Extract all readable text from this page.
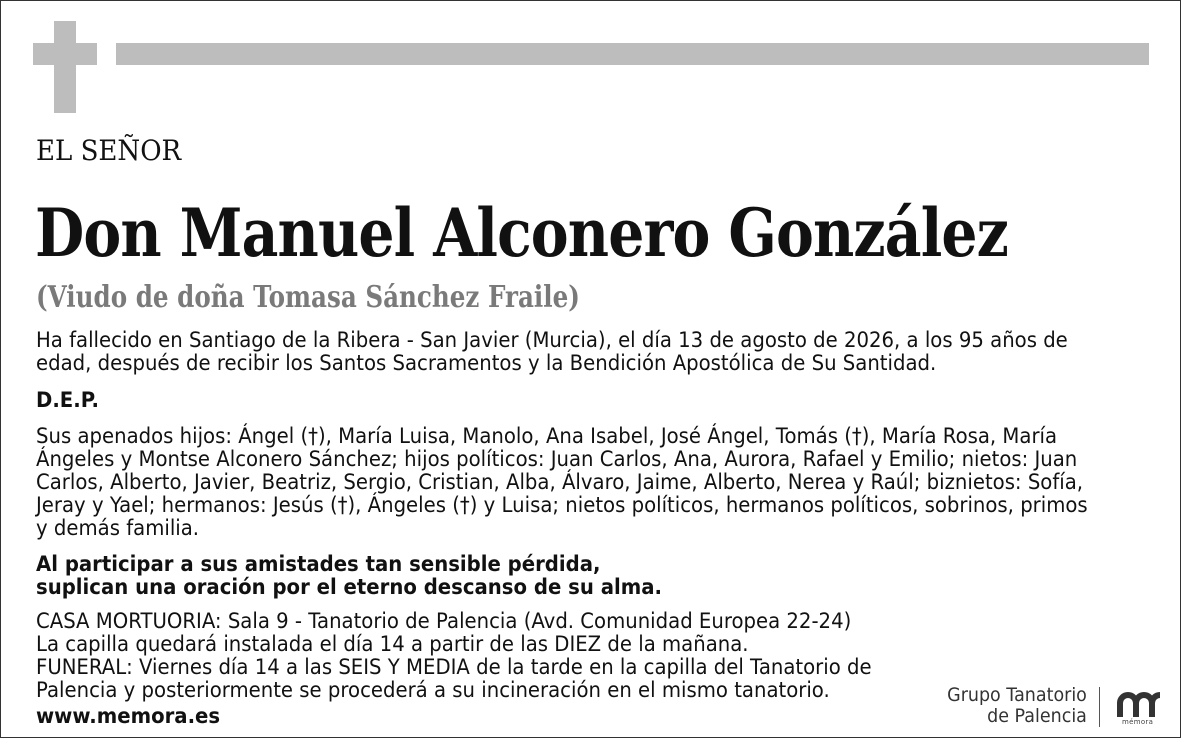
EL SEÑOR
Don Manuel Alconero González
(Viudo de doña Tomasa Sánchez Fraile)
Ha fallecido en Santiago de la Ribera - San Javier (Murcia), el día 13 de agosto de 2026, a los 95 años de
edad, después de recibir los Santos Sacramentos y la Bendición Apostólica de Su Santidad.
D.E.P.
Sus apenados hijos: Ángel (†), María Luisa, Manolo, Ana Isabel, José Ángel, Tomás (†), María Rosa, María
Ángeles y Montse Alconero Sánchez; hijos políticos: Juan Carlos, Ana, Aurora, Rafael y Emilio; nietos: Juan
Carlos, Alberto, Javier, Beatriz, Sergio, Cristian, Alba, Álvaro, Jaime, Alberto, Nerea y Raúl; biznietos: Sofía,
Jeray y Yael; hermanos: Jesús (†), Ángeles (†) y Luisa; nietos políticos, hermanos políticos, sobrinos, primos
y demás familia.
Al participar a sus amistades tan sensible pérdida,
suplican una oración por el eterno descanso de su alma.
CASA MORTUORIA: Sala 9 - Tanatorio de Palencia (Avd. Comunidad Europea 22-24)
La capilla quedará instalada el día 14 a partir de las DIEZ de la mañana.
FUNERAL: Viernes día 14 a las SEIS Y MEDIA de la tarde en la capilla del Tanatorio de
Palencia y posteriormente se procederá a su incineración en el mismo tanatorio.
www.memora.es
Grupo Tanatorio
de Palencia	mémora
